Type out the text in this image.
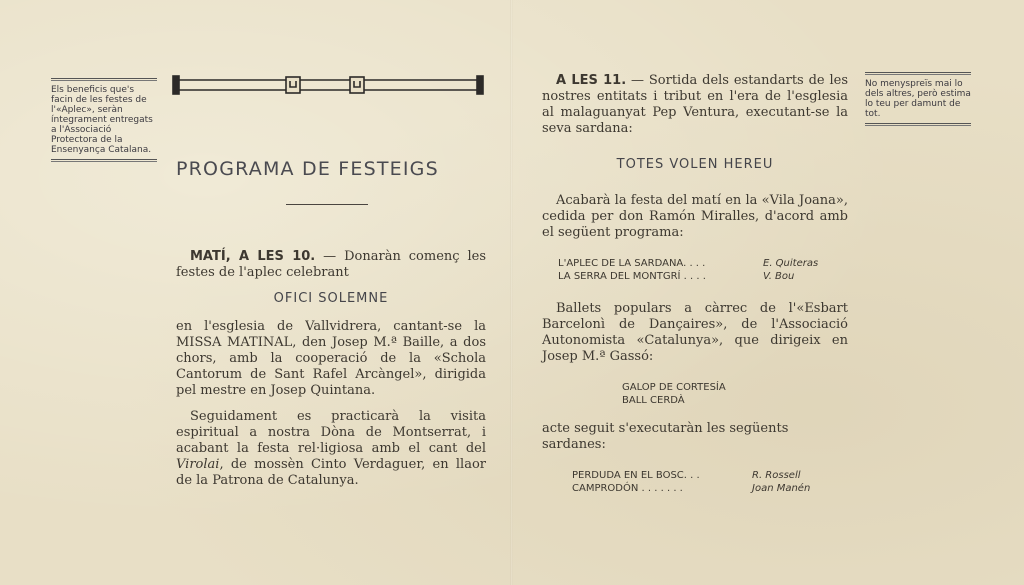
Els beneficis que's facin de les festes de l'«Aplec», seràn íntegrament entregats a l'Associació Protectora de la Ensenyança Catalana.
No menyspreïs mai lo dels altres, però estima lo teu per damunt de tot.
PROGRAMA DE FESTEIGS

MATÍ, A LES 10. — Donaràn començ les festes de l'aplec celebrant

OFICI SOLEMNE

en l'esglesia de Vallvidrera, cantant-se la MISSA MATINAL, den Josep M.ª Baille, a dos chors, amb la cooperació de la «Schola Cantorum de Sant Rafel Arcàngel», dirigida pel mestre en Josep Quintana.

Seguidament es practicarà la visita espiritual a nostra Dòna de Montserrat, i acabant la festa rel·ligiosa amb el cant del Virolai, de mossèn Cinto Verdaguer, en llaor de la Patrona de Catalunya.

A LES 11. — Sortida dels estandarts de les nostres entitats i tribut en l'era de l'esglesia al malaguanyat Pep Ventura, executant-se la seva sardana:

TOTES VOLEN HEREU

Acabarà la festa del matí en la «Vila Joana», cedida per don Ramón Miralles, d'acord amb el següent programa:

L'APLEC DE LA SARDANA. . . .	E. Quiteras
LA SERRA DEL MONTGRÍ . . . .	V. Bou

Ballets populars a càrrec de l'«Esbart Barcelonì de Dançaires», de l'Associació Autonomista «Catalunya», que dirigeix en Josep M.ª Gassó:

GALOP DE CORTESÍA
BALL CERDÀ

acte seguit s'executaràn les següents sardanes:

PERDUDA EN EL BOSC. . .	R. Rossell
CAMPRODÓN . . . . . . .	Joan Manén
